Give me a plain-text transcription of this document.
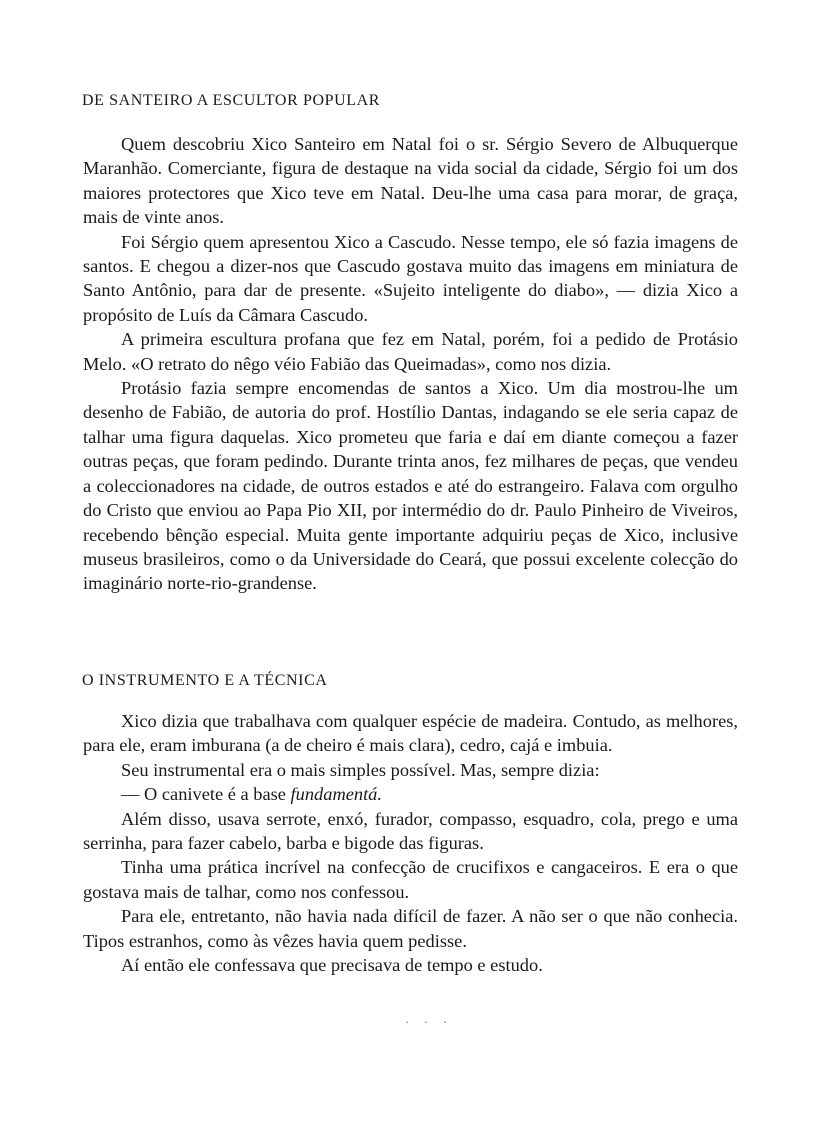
DE SANTEIRO A ESCULTOR POPULAR

Quem descobriu Xico Santeiro em Natal foi o sr. Sérgio Severo de Albuquerque Maranhão. Comerciante, figura de destaque na vida social da cidade, Sérgio foi um dos maiores protectores que Xico teve em Natal. Deu-lhe uma casa para morar, de graça, mais de vinte anos.

Foi Sérgio quem apresentou Xico a Cascudo. Nesse tempo, ele só fazia imagens de santos. E chegou a dizer-nos que Cascudo gostava muito das imagens em miniatura de Santo Antônio, para dar de presente. «Sujeito inteligente do diabo», — dizia Xico a propósito de Luís da Câmara Cascudo.

A primeira escultura profana que fez em Natal, porém, foi a pedido de Protásio Melo. «O retrato do nêgo véio Fabião das Queimadas», como nos dizia.

Protásio fazia sempre encomendas de santos a Xico. Um dia mostrou-lhe um desenho de Fabião, de autoria do prof. Hostílio Dantas, indagando se ele seria capaz de talhar uma figura daquelas. Xico prometeu que faria e daí em diante começou a fazer outras peças, que foram pedindo. Durante trinta anos, fez milhares de peças, que vendeu a coleccionadores na cidade, de outros estados e até do estrangeiro. Falava com orgulho do Cristo que enviou ao Papa Pio XII, por intermédio do dr. Paulo Pinheiro de Viveiros, recebendo bênção especial. Muita gente importante adquiriu peças de Xico, inclusive museus brasileiros, como o da Universidade do Ceará, que possui excelente colecção do imaginário norte-rio-grandense.

O INSTRUMENTO E A TÉCNICA

Xico dizia que trabalhava com qualquer espécie de madeira. Contudo, as melhores, para ele, eram imburana (a de cheiro é mais clara), cedro, cajá e imbuia.

Seu instrumental era o mais simples possível. Mas, sempre dizia:

— O canivete é a base fundamentá.

Além disso, usava serrote, enxó, furador, compasso, esquadro, cola, prego e uma serrinha, para fazer cabelo, barba e bigode das figuras.

Tinha uma prática incrível na confecção de crucifixos e cangaceiros. E era o que gostava mais de talhar, como nos confessou.

Para ele, entretanto, não havia nada difícil de fazer. A não ser o que não conhecia. Tipos estranhos, como às vêzes havia quem pedisse.

Aí então ele confessava que precisava de tempo e estudo.

· · ·
